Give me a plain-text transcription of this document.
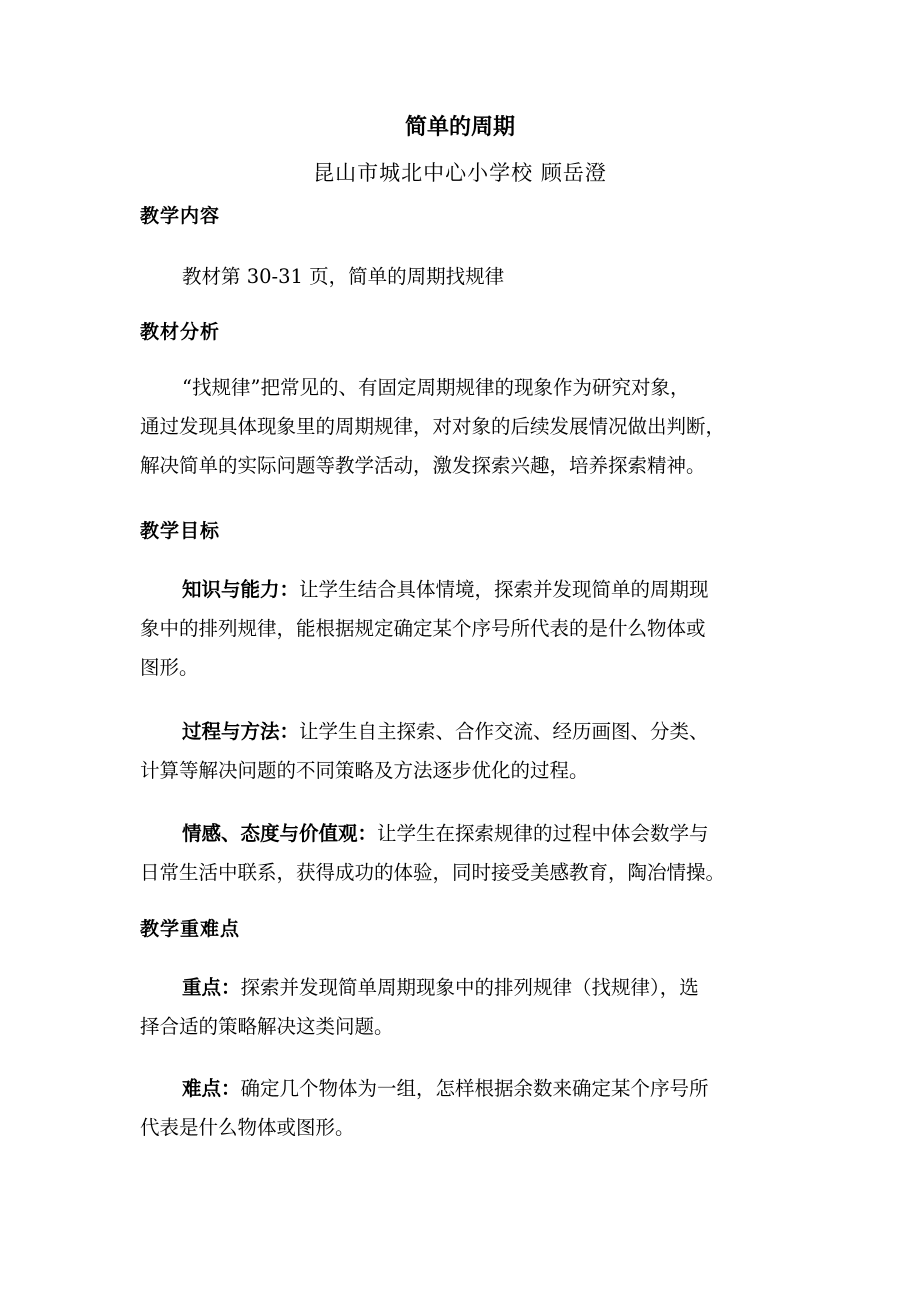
简单的周期
昆山市城北中心小学校 顾岳澄
教学内容
教材第 30-31 页，简单的周期找规律
教材分析
“找规律”把常见的、有固定周期规律的现象作为研究对象，
通过发现具体现象里的周期规律，对对象的后续发展情况做出判断，
解决简单的实际问题等教学活动，激发探索兴趣，培养探索精神。
教学目标
知识与能力：让学生结合具体情境，探索并发现简单的周期现
象中的排列规律，能根据规定确定某个序号所代表的是什么物体或
图形。
过程与方法：让学生自主探索、合作交流、经历画图、分类、
计算等解决问题的不同策略及方法逐步优化的过程。
情感、态度与价值观：让学生在探索规律的过程中体会数学与
日常生活中联系，获得成功的体验，同时接受美感教育，陶冶情操。
教学重难点
重点：探索并发现简单周期现象中的排列规律（找规律），选
择合适的策略解决这类问题。
难点：确定几个物体为一组，怎样根据余数来确定某个序号所
代表是什么物体或图形。
